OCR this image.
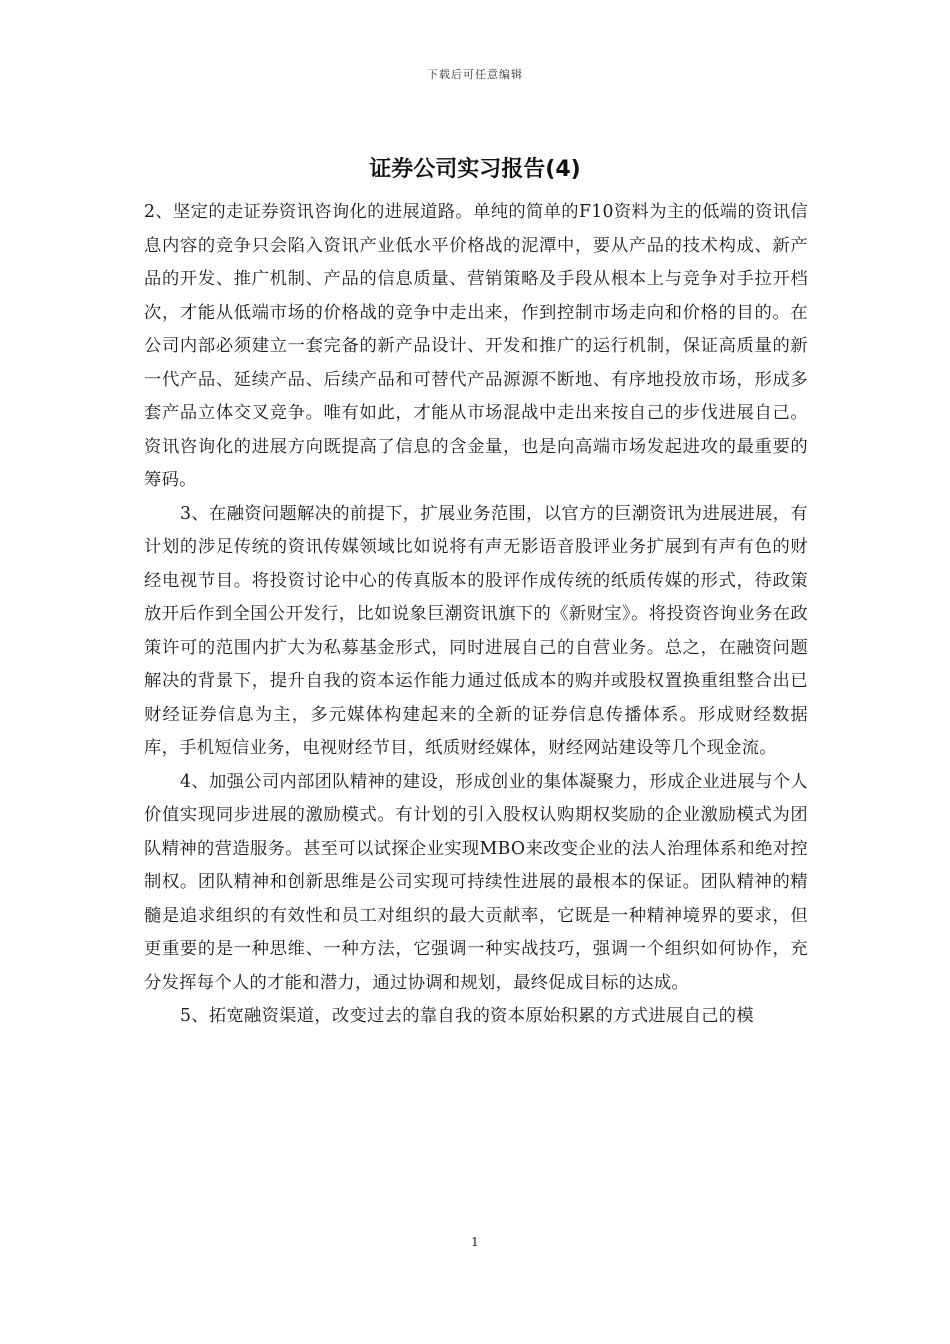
下载后可任意编辑
证券公司实习报告(4)

2、坚定的走证券资讯咨询化的进展道路。单纯的简单的F10资料为主的低端的资讯信息内容的竞争只会陷入资讯产业低水平价格战的泥潭中，要从产品的技术构成、新产品的开发、推广机制、产品的信息质量、营销策略及手段从根本上与竞争对手拉开档次，才能从低端市场的价格战的竞争中走出来，作到控制市场走向和价格的目的。在公司内部必须建立一套完备的新产品设计、开发和推广的运行机制，保证高质量的新一代产品、延续产品、后续产品和可替代产品源源不断地、有序地投放市场，形成多套产品立体交叉竞争。唯有如此，才能从市场混战中走出来按自己的步伐进展自己。资讯咨询化的进展方向既提高了信息的含金量，也是向高端市场发起进攻的最重要的筹码。

3、在融资问题解决的前提下，扩展业务范围，以官方的巨潮资讯为进展进展，有计划的涉足传统的资讯传媒领域比如说将有声无影语音股评业务扩展到有声有色的财经电视节目。将投资讨论中心的传真版本的股评作成传统的纸质传媒的形式，待政策放开后作到全国公开发行，比如说象巨潮资讯旗下的《新财宝》。将投资咨询业务在政策许可的范围内扩大为私募基金形式，同时进展自己的自营业务。总之，在融资问题解决的背景下，提升自我的资本运作能力通过低成本的购并或股权置换重组整合出已财经证券信息为主，多元媒体构建起来的全新的证券信息传播体系。形成财经数据库，手机短信业务，电视财经节目，纸质财经媒体，财经网站建设等几个现金流。

4、加强公司内部团队精神的建设，形成创业的集体凝聚力，形成企业进展与个人价值实现同步进展的激励模式。有计划的引入股权认购期权奖励的企业激励模式为团队精神的营造服务。甚至可以试探企业实现MBO来改变企业的法人治理体系和绝对控制权。团队精神和创新思维是公司实现可持续性进展的最根本的保证。团队精神的精髓是追求组织的有效性和员工对组织的最大贡献率，它既是一种精神境界的要求，但更重要的是一种思维、一种方法，它强调一种实战技巧，强调一个组织如何协作，充分发挥每个人的才能和潜力，通过协调和规划，最终促成目标的达成。

5、拓宽融资渠道，改变过去的靠自我的资本原始积累的方式进展自己的模

1
